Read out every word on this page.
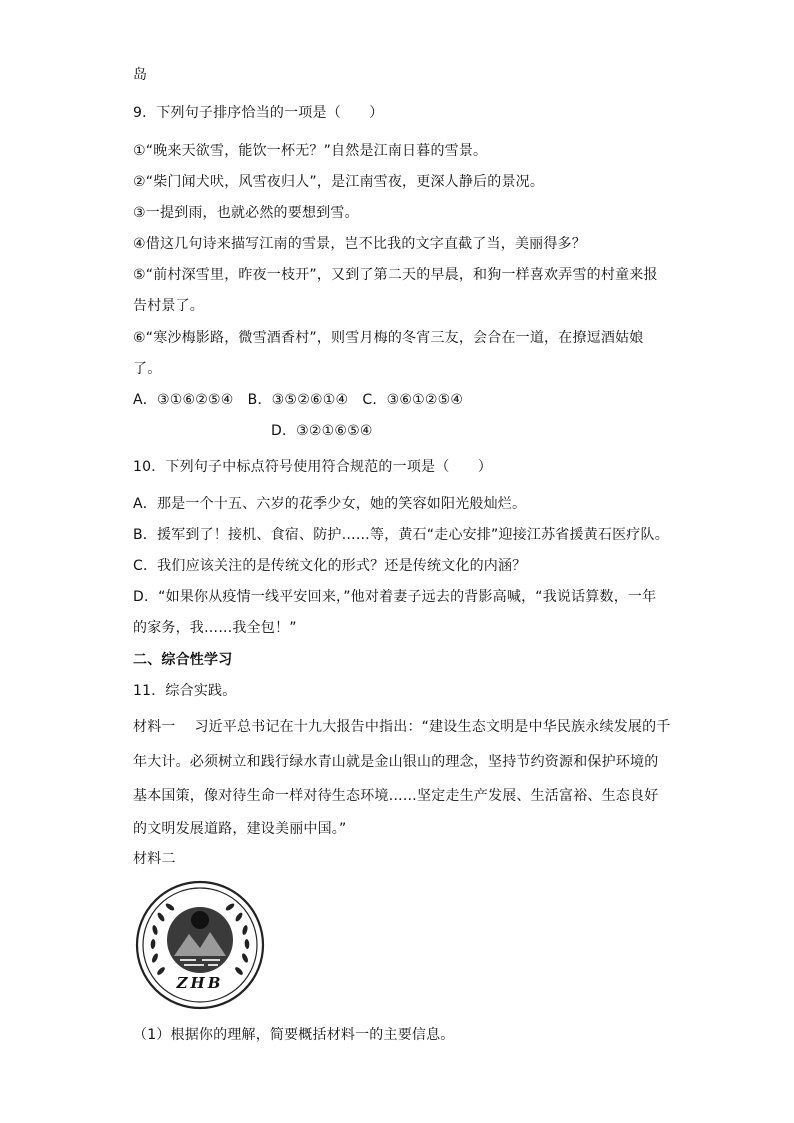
岛
9．下列句子排序恰当的一项是（　　）
①“晚来天欲雪，能饮一杯无？”自然是江南日暮的雪景。
②“柴门闻犬吠，风雪夜归人”，是江南雪夜，更深人静后的景况。
③一提到雨，也就必然的要想到雪。
④借这几句诗来描写江南的雪景，岂不比我的文字直截了当，美丽得多？
⑤“前村深雪里，昨夜一枝开”，又到了第二天的早晨，和狗一样喜欢弄雪的村童来报
告村景了。
⑥“寒沙梅影路，微雪酒香村”，则雪月梅的冬宵三友，会合在一道，在撩逗酒姑娘
了。
A．③①⑥②⑤④　B．③⑤②⑥①④　C．③⑥①②⑤④
D．③②①⑥⑤④
10．下列句子中标点符号使用符合规范的一项是（　　）
A．那是一个十五、六岁的花季少女，她的笑容如阳光般灿烂。
B．援军到了！接机、食宿、防护……等，黄石“走心安排”迎接江苏省援黄石医疗队。
C．我们应该关注的是传统文化的形式？还是传统文化的内涵？
D．“如果你从疫情一线平安回来，”他对着妻子远去的背影高喊，“我说话算数，一年
的家务，我……我全包！”
二、综合性学习
11．综合实践。
材料一　 习近平总书记在十九大报告中指出：“建设生态文明是中华民族永续发展的千
年大计。必须树立和践行绿水青山就是金山银山的理念，坚持节约资源和保护环境的
基本国策，像对待生命一样对待生态环境……坚定走生产发展、生活富裕、生态良好
的文明发展道路，建设美丽中国。”
材料二
ZHB
（1）根据你的理解，简要概括材料一的主要信息。
